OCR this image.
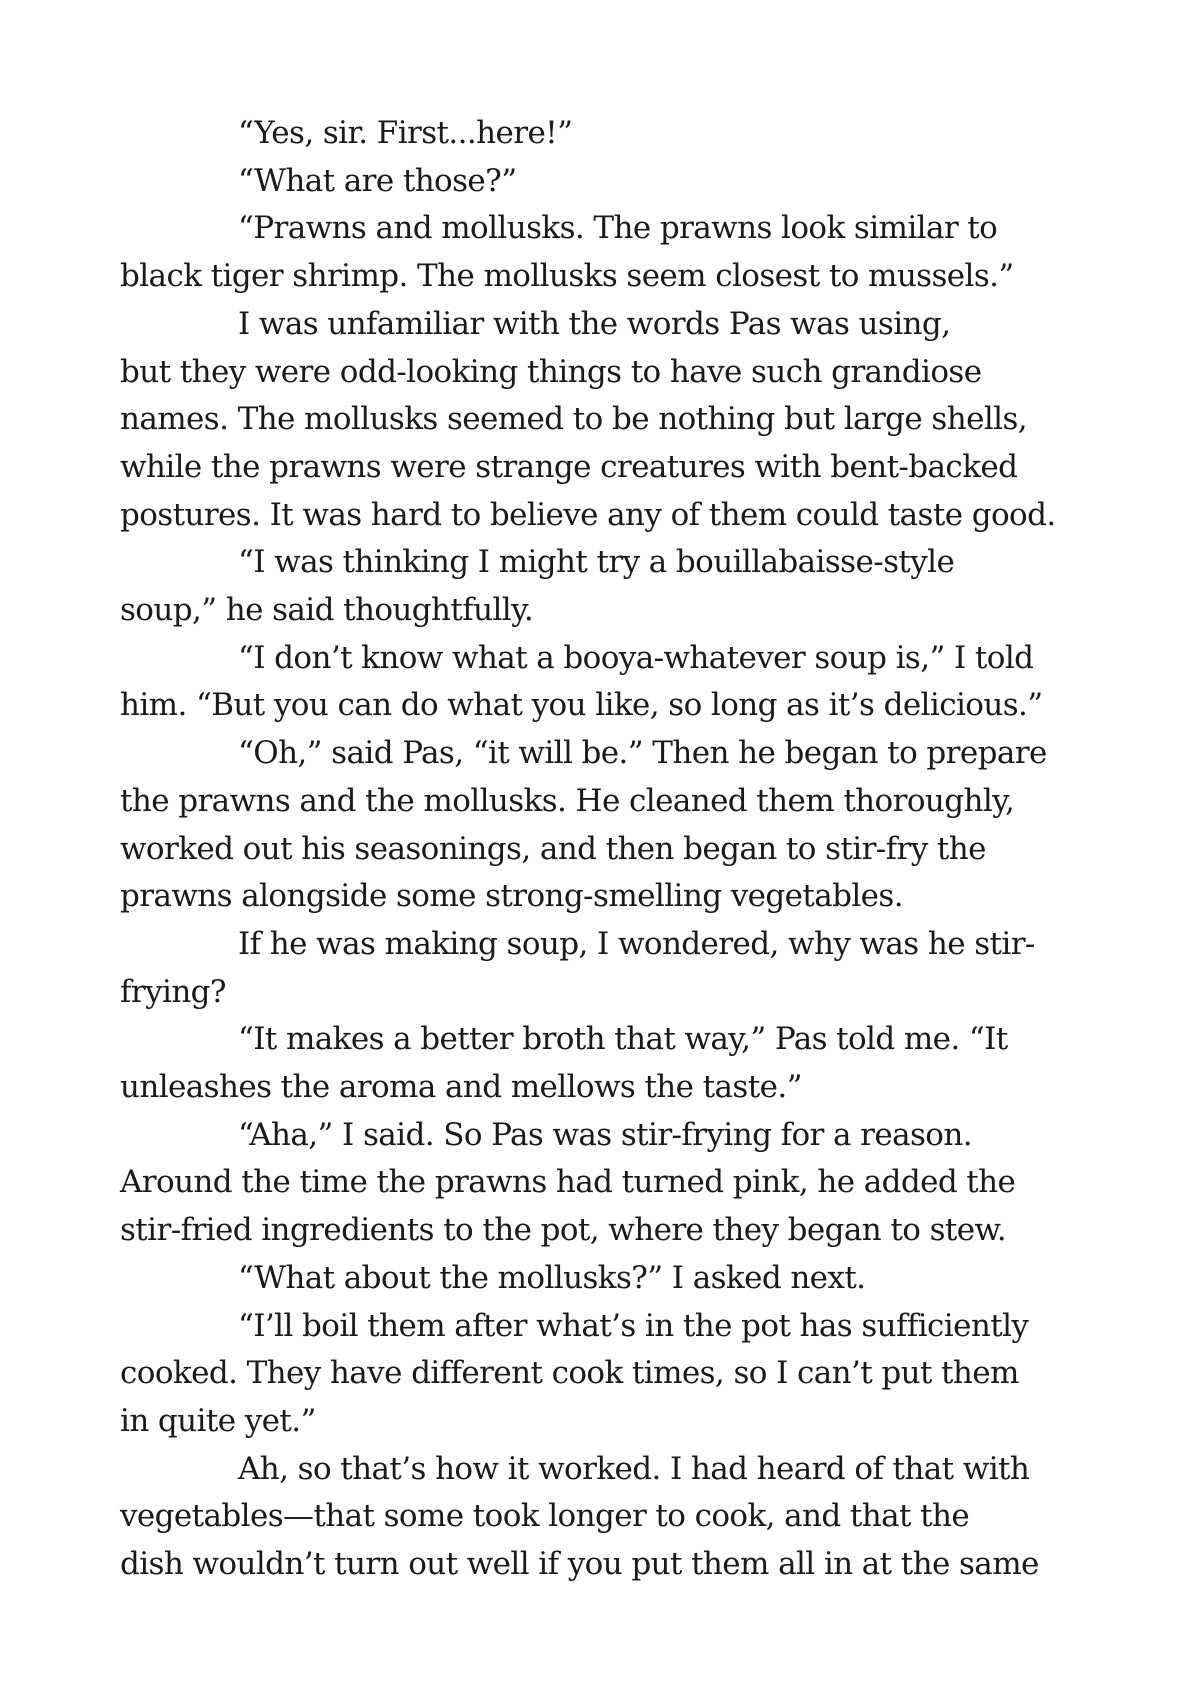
“Yes, sir. First...here!”
“What are those?”
“Prawns and mollusks. The prawns look similar to
black tiger shrimp. The mollusks seem closest to mussels.”
I was unfamiliar with the words Pas was using,
but they were odd-looking things to have such grandiose
names. The mollusks seemed to be nothing but large shells,
while the prawns were strange creatures with bent-backed
postures. It was hard to believe any of them could taste good.
“I was thinking I might try a bouillabaisse-style
soup,” he said thoughtfully.
“I don’t know what a booya-whatever soup is,” I told
him. “But you can do what you like, so long as it’s delicious.”
“Oh,” said Pas, “it will be.” Then he began to prepare
the prawns and the mollusks. He cleaned them thoroughly,
worked out his seasonings, and then began to stir-fry the
prawns alongside some strong-smelling vegetables.
If he was making soup, I wondered, why was he stir-
frying?
“It makes a better broth that way,” Pas told me. “It
unleashes the aroma and mellows the taste.”
“Aha,” I said. So Pas was stir-frying for a reason.
Around the time the prawns had turned pink, he added the
stir-fried ingredients to the pot, where they began to stew.
“What about the mollusks?” I asked next.
“I’ll boil them after what’s in the pot has sufficiently
cooked. They have different cook times, so I can’t put them
in quite yet.”
Ah, so that’s how it worked. I had heard of that with
vegetables—that some took longer to cook, and that the
dish wouldn’t turn out well if you put them all in at the same
